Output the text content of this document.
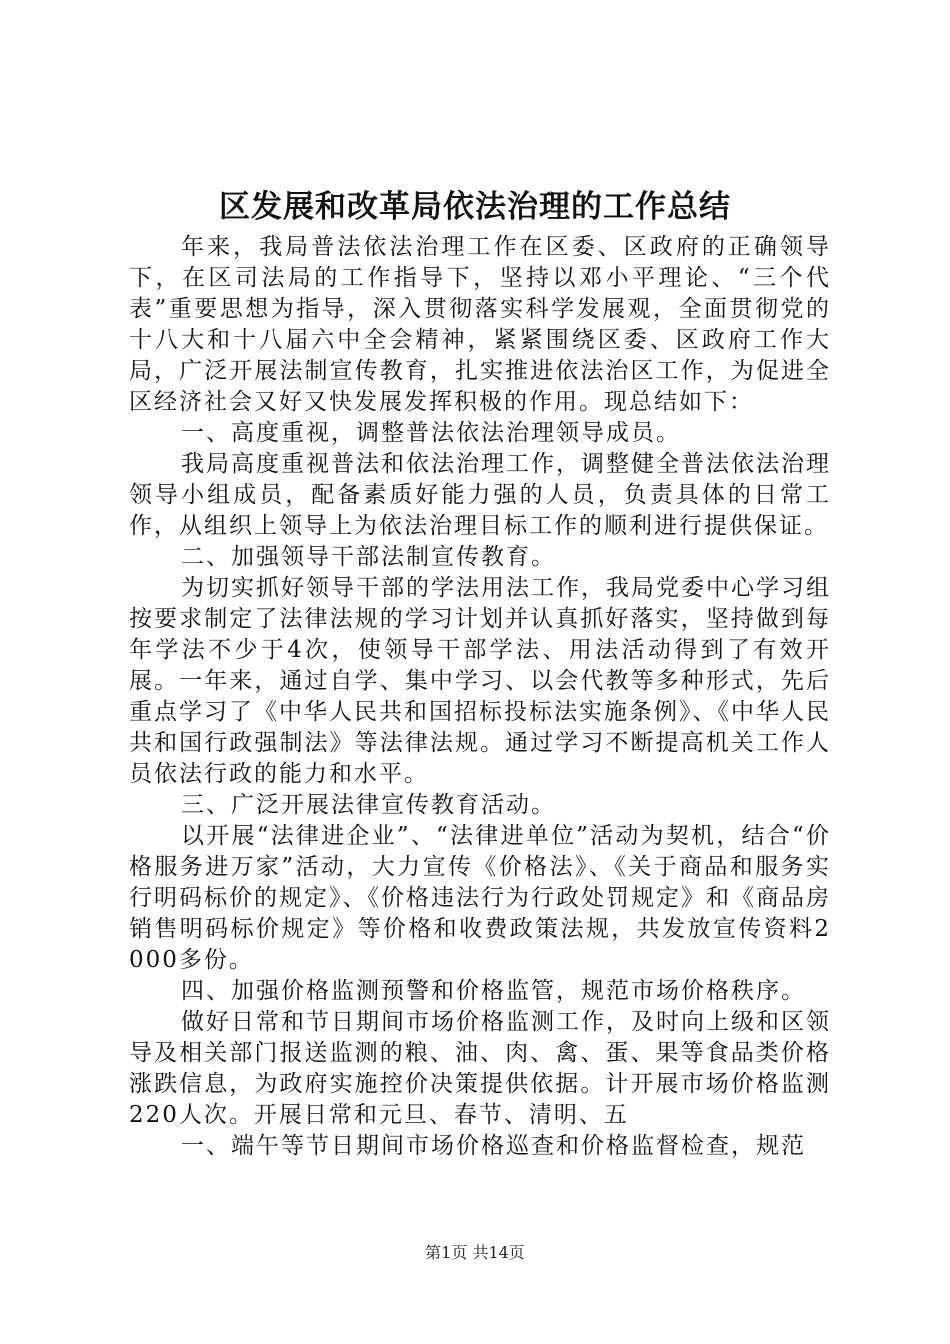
区发展和改革局依法治理的工作总结

年来，我局普法依法治理工作在区委、区政府的正确领导下，在区司法局的工作指导下，坚持以邓小平理论、“三个代表”重要思想为指导，深入贯彻落实科学发展观，全面贯彻党的十八大和十八届六中全会精神，紧紧围绕区委、区政府工作大局，广泛开展法制宣传教育，扎实推进依法治区工作，为促进全区经济社会又好又快发展发挥积极的作用。现总结如下：

一、高度重视，调整普法依法治理领导成员。

我局高度重视普法和依法治理工作，调整健全普法依法治理领导小组成员，配备素质好能力强的人员，负责具体的日常工作，从组织上领导上为依法治理目标工作的顺利进行提供保证。

二、加强领导干部法制宣传教育。

为切实抓好领导干部的学法用法工作，我局党委中心学习组按要求制定了法律法规的学习计划并认真抓好落实，坚持做到每年学法不少于4次，使领导干部学法、用法活动得到了有效开展。一年来，通过自学、集中学习、以会代教等多种形式，先后重点学习了《中华人民共和国招标投标法实施条例》、《中华人民共和国行政强制法》等法律法规。通过学习不断提高机关工作人员依法行政的能力和水平。

三、广泛开展法律宣传教育活动。

以开展“法律进企业”、“法律进单位”活动为契机，结合“价格服务进万家”活动，大力宣传《价格法》、《关于商品和服务实行明码标价的规定》、《价格违法行为行政处罚规定》和《商品房销售明码标价规定》等价格和收费政策法规，共发放宣传资料2000多份。

四、加强价格监测预警和价格监管，规范市场价格秩序。

做好日常和节日期间市场价格监测工作，及时向上级和区领导及相关部门报送监测的粮、油、肉、禽、蛋、果等食品类价格涨跌信息，为政府实施控价决策提供依据。计开展市场价格监测220人次。开展日常和元旦、春节、清明、五

一、端午等节日期间市场价格巡查和价格监督检查，规范

第1页 共14页
